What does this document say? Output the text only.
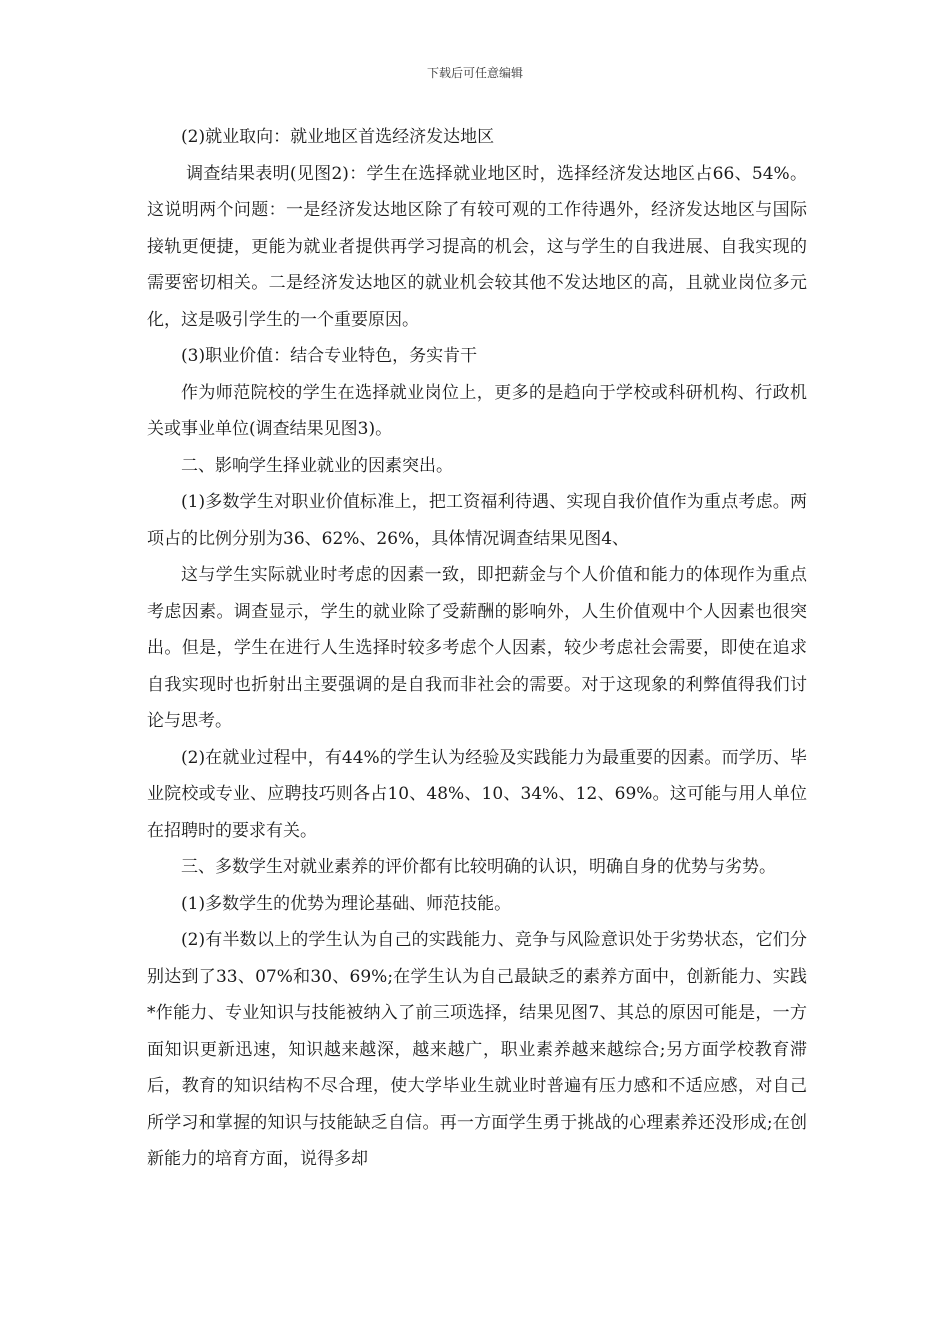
下载后可任意编辑

(2)就业取向：就业地区首选经济发达地区

调查结果表明(见图2)：学生在选择就业地区时，选择经济发达地区占66、54%。这说明两个问题：一是经济发达地区除了有较可观的工作待遇外，经济发达地区与国际接轨更便捷，更能为就业者提供再学习提高的机会，这与学生的自我进展、自我实现的需要密切相关。二是经济发达地区的就业机会较其他不发达地区的高，且就业岗位多元化，这是吸引学生的一个重要原因。

(3)职业价值：结合专业特色，务实肯干

作为师范院校的学生在选择就业岗位上，更多的是趋向于学校或科研机构、行政机关或事业单位(调查结果见图3)。

二、影响学生择业就业的因素突出。

(1)多数学生对职业价值标准上，把工资福利待遇、实现自我价值作为重点考虑。两项占的比例分别为36、62%、26%，具体情况调查结果见图4、

这与学生实际就业时考虑的因素一致，即把薪金与个人价值和能力的体现作为重点考虑因素。调查显示，学生的就业除了受薪酬的影响外，人生价值观中个人因素也很突出。但是，学生在进行人生选择时较多考虑个人因素，较少考虑社会需要，即使在追求自我实现时也折射出主要强调的是自我而非社会的需要。对于这现象的利弊值得我们讨论与思考。

(2)在就业过程中，有44%的学生认为经验及实践能力为最重要的因素。而学历、毕业院校或专业、应聘技巧则各占10、48%、10、34%、12、69%。这可能与用人单位在招聘时的要求有关。

三、多数学生对就业素养的评价都有比较明确的认识，明确自身的优势与劣势。

(1)多数学生的优势为理论基础、师范技能。

(2)有半数以上的学生认为自己的实践能力、竞争与风险意识处于劣势状态，它们分别达到了33、07%和30、69%;在学生认为自己最缺乏的素养方面中，创新能力、实践*作能力、专业知识与技能被纳入了前三项选择，结果见图7、其总的原因可能是，一方面知识更新迅速，知识越来越深，越来越广，职业素养越来越综合;另方面学校教育滞后，教育的知识结构不尽合理，使大学毕业生就业时普遍有压力感和不适应感，对自己所学习和掌握的知识与技能缺乏自信。再一方面学生勇于挑战的心理素养还没形成;在创新能力的培育方面，说得多却
